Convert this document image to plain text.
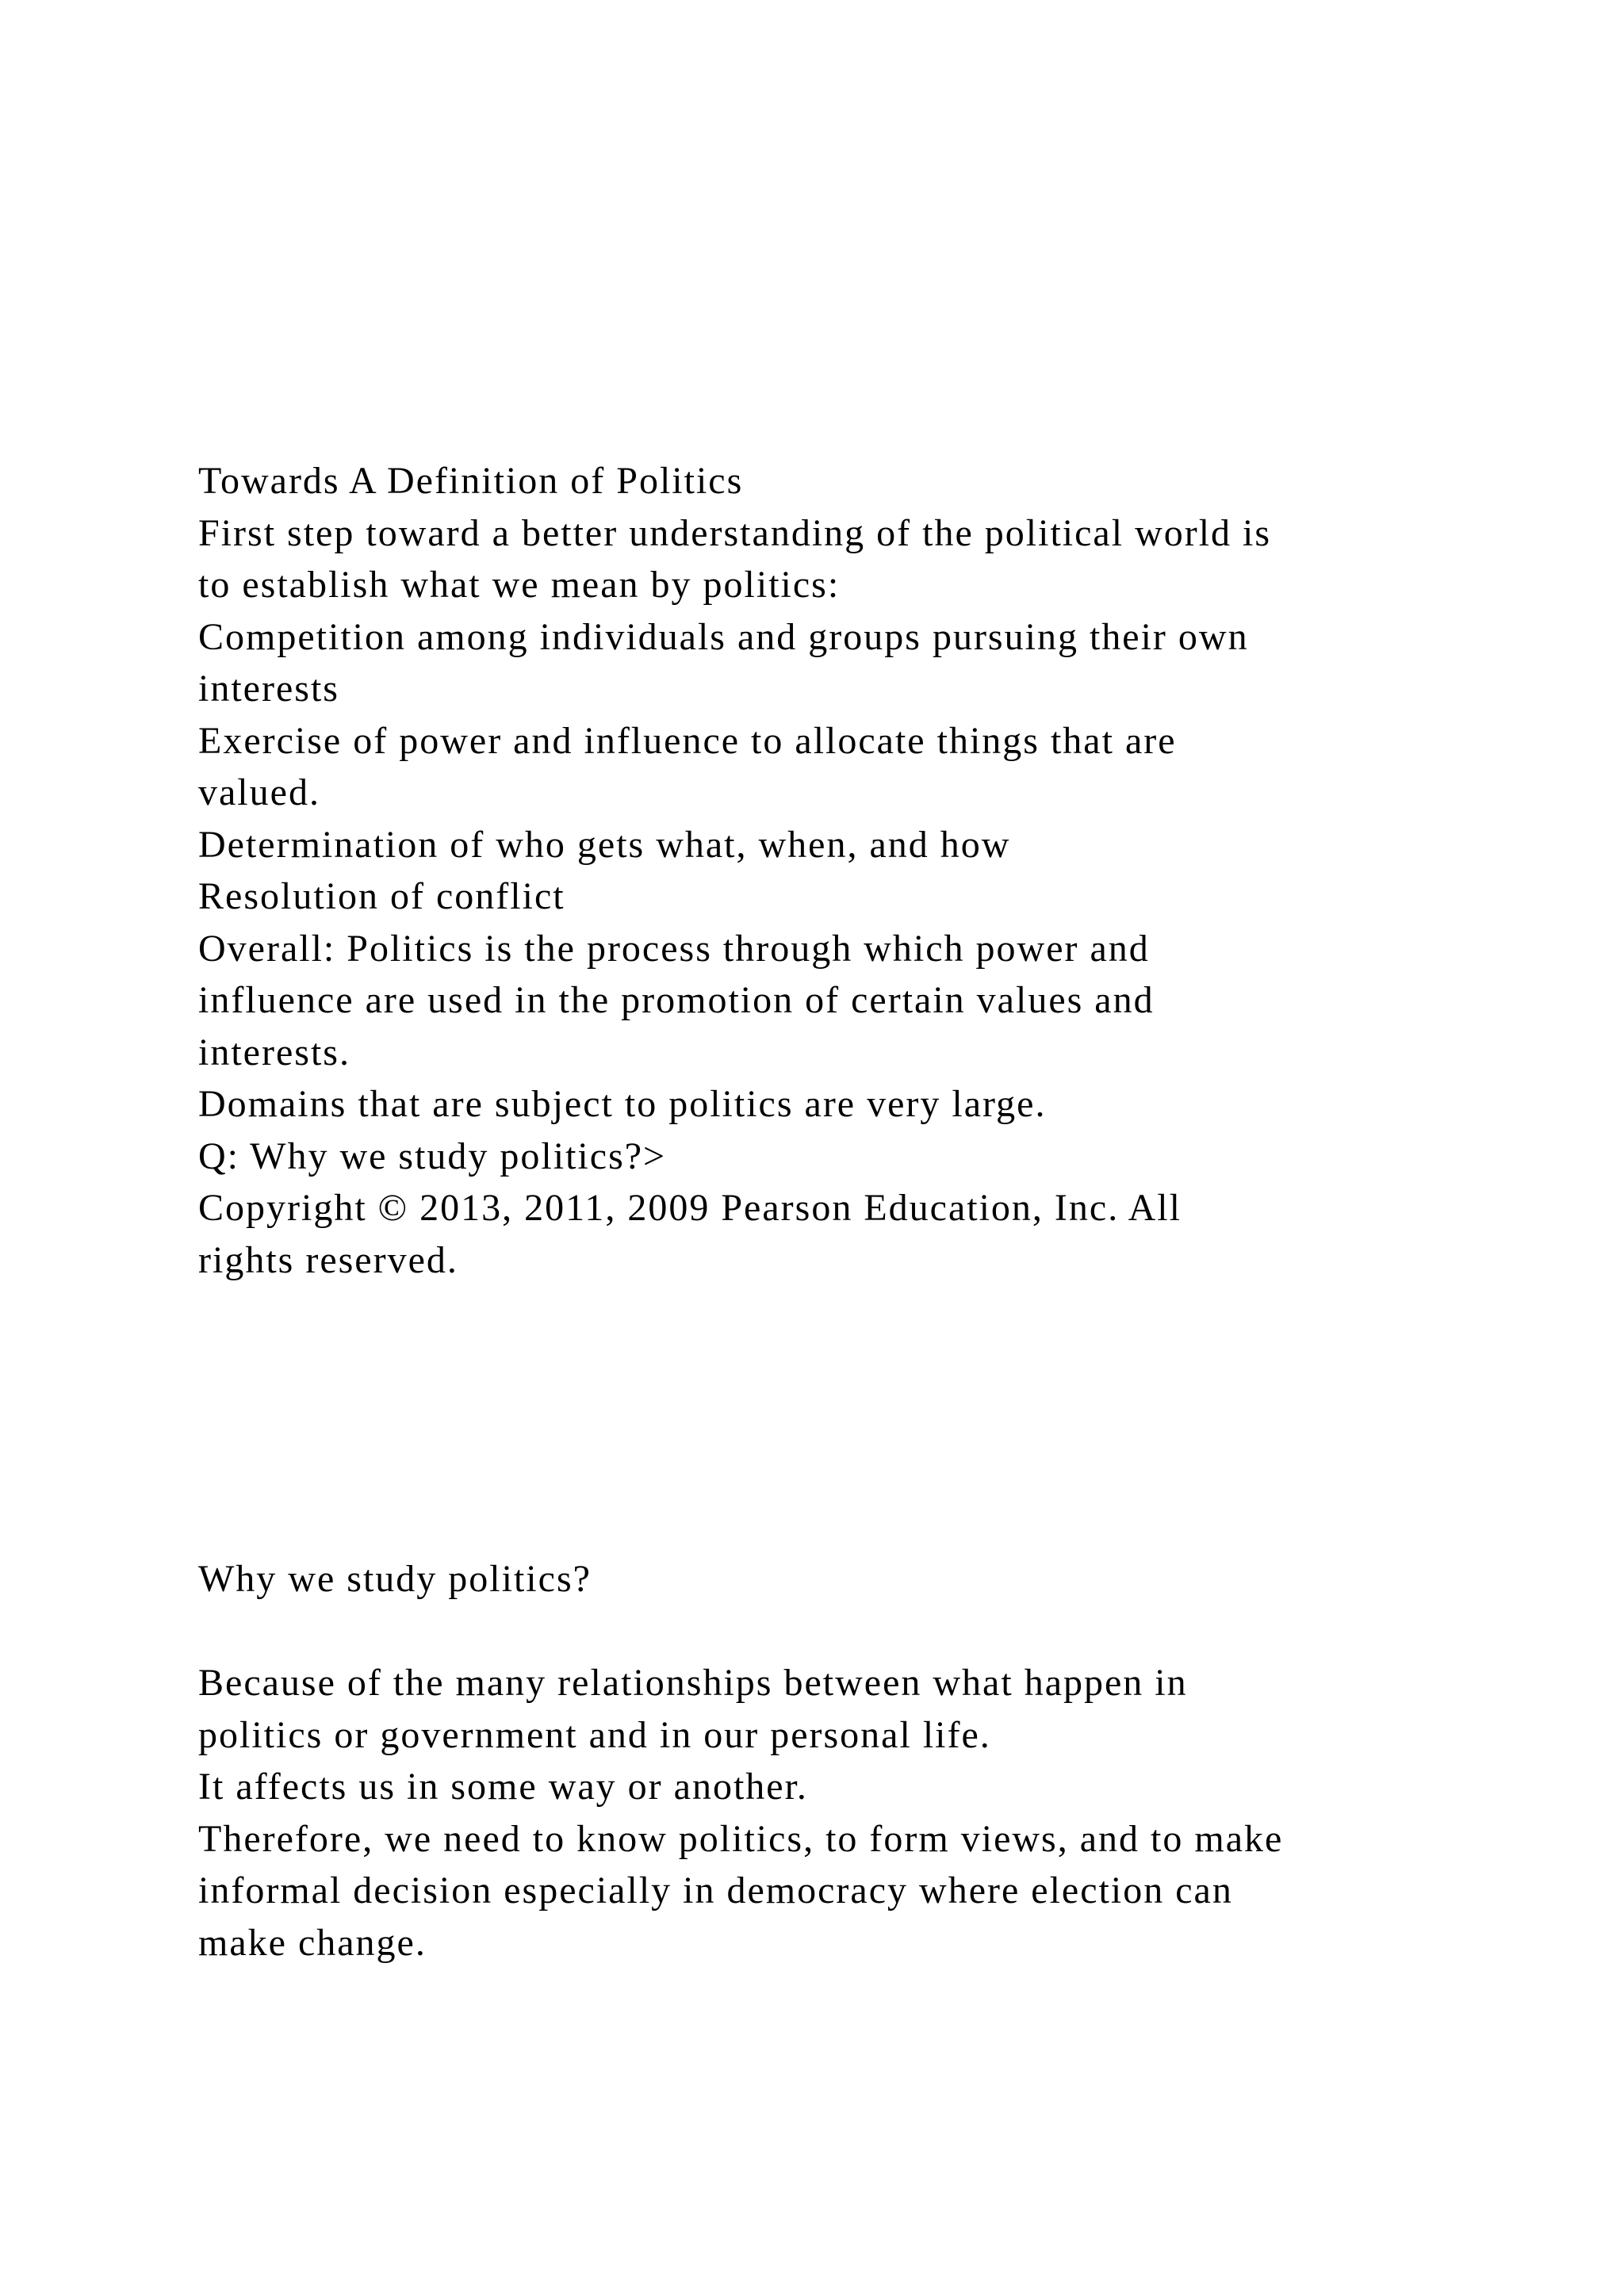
Towards A Definition of Politics

First step toward a better understanding of the political world is

to establish what we mean by politics:

Competition among individuals and groups pursuing their own

interests

Exercise of power and influence to allocate things that are

valued.

Determination of who gets what, when, and how

Resolution of conflict

Overall: Politics is the process through which power and

influence are used in the promotion of certain values and

interests.

Domains that are subject to politics are very large.

Q: Why we study politics?>

Copyright © 2013, 2011, 2009 Pearson Education, Inc. All

rights reserved.

Why we study politics?

Because of the many relationships between what happen in

politics or government and in our personal life.

It affects us in some way or another.

Therefore, we need to know politics, to form views, and to make

informal decision especially in democracy where election can

make change.
